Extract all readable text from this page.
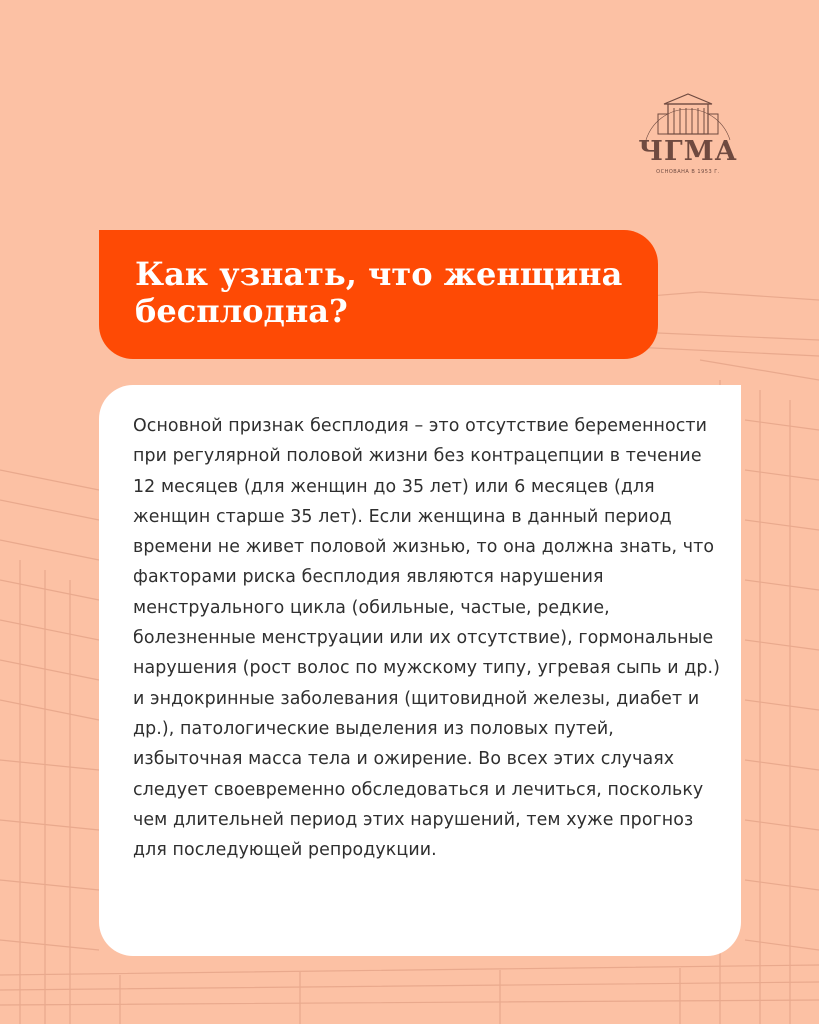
ЧГМА
ОСНОВАНА В 1953 Г.
Как узнать, что женщина бесплодна?

Основной признак бесплодия – это отсутствие беременности при регулярной половой жизни без контрацепции в течение 12 месяцев (для женщин до 35 лет) или 6 месяцев (для женщин старше 35 лет). Если женщина в данный период времени не живет половой жизнью, то она должна знать, что факторами риска бесплодия являются нарушения менструального цикла (обильные, частые, редкие, болезненные менструации или их отсутствие), гормональные нарушения (рост волос по мужскому типу, угревая сыпь и др.) и эндокринные заболевания (щитовидной железы, диабет и др.), патологические выделения из половых путей, избыточная масса тела и ожирение. Во всех этих случаях следует своевременно обследоваться и лечиться, поскольку чем длительней период этих нарушений, тем хуже прогноз для последующей репродукции.
